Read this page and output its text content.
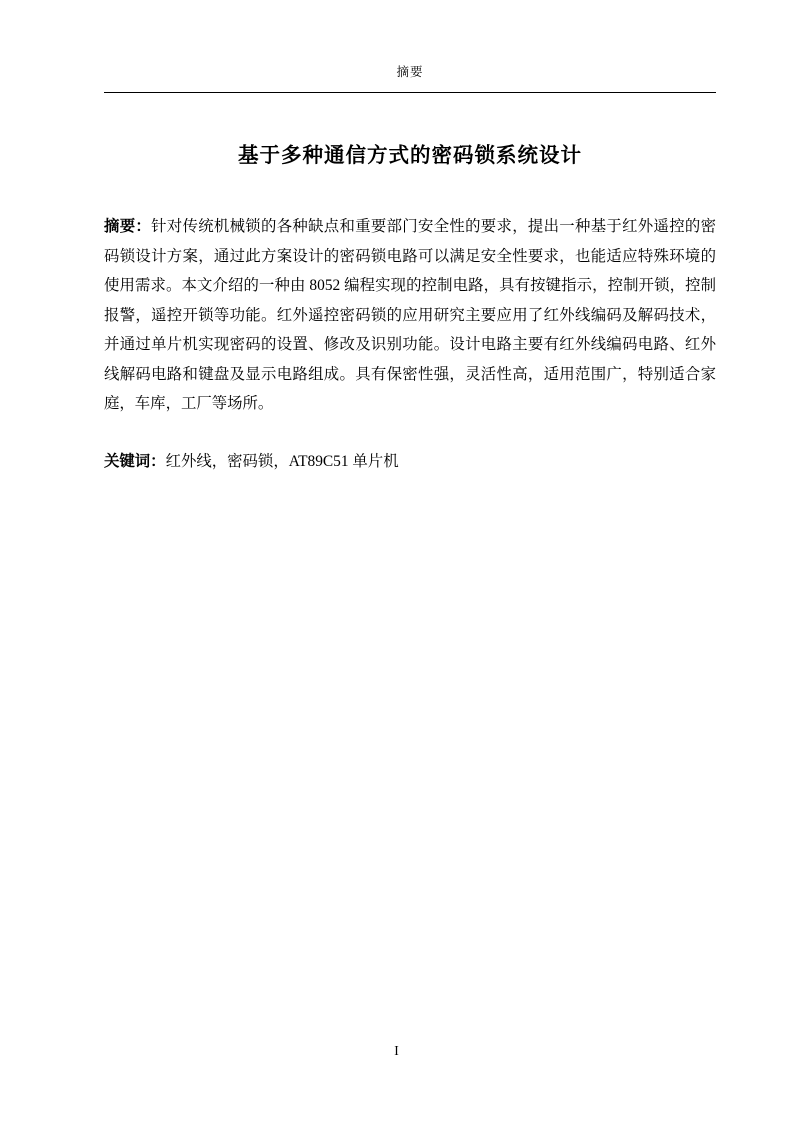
摘要
基于多种通信方式的密码锁系统设计
摘要：针对传统机械锁的各种缺点和重要部门安全性的要求，提出一种基于红外遥控的密码锁设计方案，通过此方案设计的密码锁电路可以满足安全性要求，也能适应特殊环境的使用需求。本文介绍的一种由 8052 编程实现的控制电路，具有按键指示，控制开锁，控制报警，遥控开锁等功能。红外遥控密码锁的应用研究主要应用了红外线编码及解码技术，并通过单片机实现密码的设置、修改及识别功能。设计电路主要有红外线编码电路、红外线解码电路和键盘及显示电路组成。具有保密性强，灵活性高，适用范围广，特别适合家庭，车库，工厂等场所。
关键词：红外线，密码锁，AT89C51 单片机
I
